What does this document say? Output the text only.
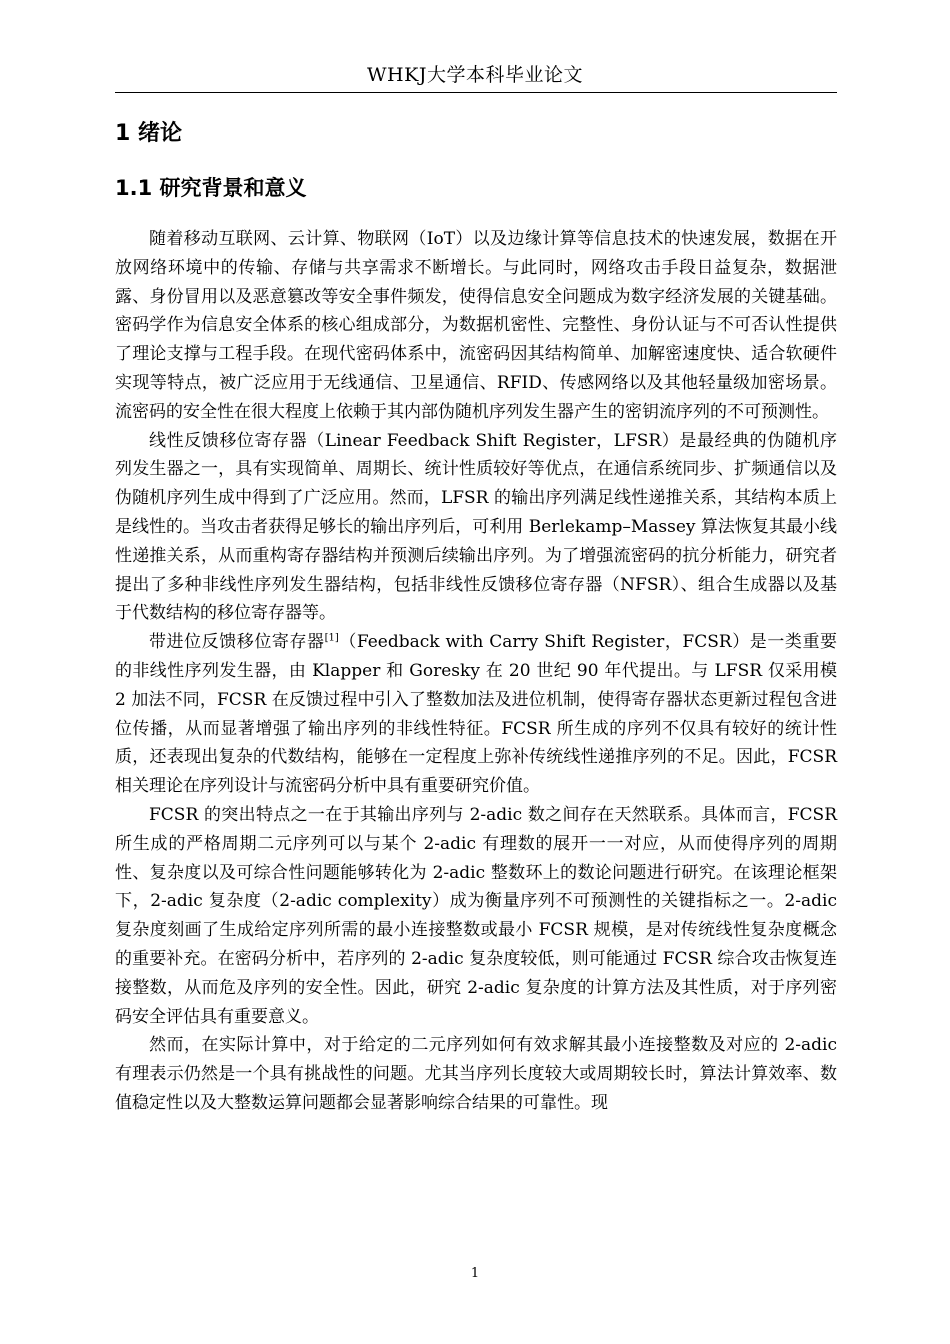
WHKJ大学本科毕业论文
1 绪论
1.1 研究背景和意义

随着移动互联网、云计算、物联网（IoT）以及边缘计算等信息技术的快速发展，数据在开放网络环境中的传输、存储与共享需求不断增长。与此同时，网络攻击手段日益复杂，数据泄露、身份冒用以及恶意篡改等安全事件频发，使得信息安全问题成为数字经济发展的关键基础。密码学作为信息安全体系的核心组成部分，为数据机密性、完整性、身份认证与不可否认性提供了理论支撑与工程手段。在现代密码体系中，流密码因其结构简单、加解密速度快、适合软硬件实现等特点，被广泛应用于无线通信、卫星通信、RFID、传感网络以及其他轻量级加密场景。流密码的安全性在很大程度上依赖于其内部伪随机序列发生器产生的密钥流序列的不可预测性。

线性反馈移位寄存器（Linear Feedback Shift Register，LFSR）是最经典的伪随机序列发生器之一，具有实现简单、周期长、统计性质较好等优点，在通信系统同步、扩频通信以及伪随机序列生成中得到了广泛应用。然而，LFSR 的输出序列满足线性递推关系，其结构本质上是线性的。当攻击者获得足够长的输出序列后，可利用 Berlekamp–Massey 算法恢复其最小线性递推关系，从而重构寄存器结构并预测后续输出序列。为了增强流密码的抗分析能力，研究者提出了多种非线性序列发生器结构，包括非线性反馈移位寄存器（NFSR）、组合生成器以及基于代数结构的移位寄存器等。

带进位反馈移位寄存器[1]（Feedback with Carry Shift Register，FCSR）是一类重要的非线性序列发生器，由 Klapper 和 Goresky 在 20 世纪 90 年代提出。与 LFSR 仅采用模 2 加法不同，FCSR 在反馈过程中引入了整数加法及进位机制，使得寄存器状态更新过程包含进位传播，从而显著增强了输出序列的非线性特征。FCSR 所生成的序列不仅具有较好的统计性质，还表现出复杂的代数结构，能够在一定程度上弥补传统线性递推序列的不足。因此，FCSR 相关理论在序列设计与流密码分析中具有重要研究价值。

FCSR 的突出特点之一在于其输出序列与 2-adic 数之间存在天然联系。具体而言，FCSR 所生成的严格周期二元序列可以与某个 2-adic 有理数的展开一一对应，从而使得序列的周期性、复杂度以及可综合性问题能够转化为 2-adic 整数环上的数论问题进行研究。在该理论框架下，2-adic 复杂度（2-adic complexity）成为衡量序列不可预测性的关键指标之一。2-adic 复杂度刻画了生成给定序列所需的最小连接整数或最小 FCSR 规模，是对传统线性复杂度概念的重要补充。在密码分析中，若序列的 2-adic 复杂度较低，则可能通过 FCSR 综合攻击恢复连接整数，从而危及序列的安全性。因此，研究 2-adic 复杂度的计算方法及其性质，对于序列密码安全评估具有重要意义。

然而，在实际计算中，对于给定的二元序列如何有效求解其最小连接整数及对应的 2-adic 有理表示仍然是一个具有挑战性的问题。尤其当序列长度较大或周期较长时，算法计算效率、数值稳定性以及大整数运算问题都会显著影响综合结果的可靠性。现

1
